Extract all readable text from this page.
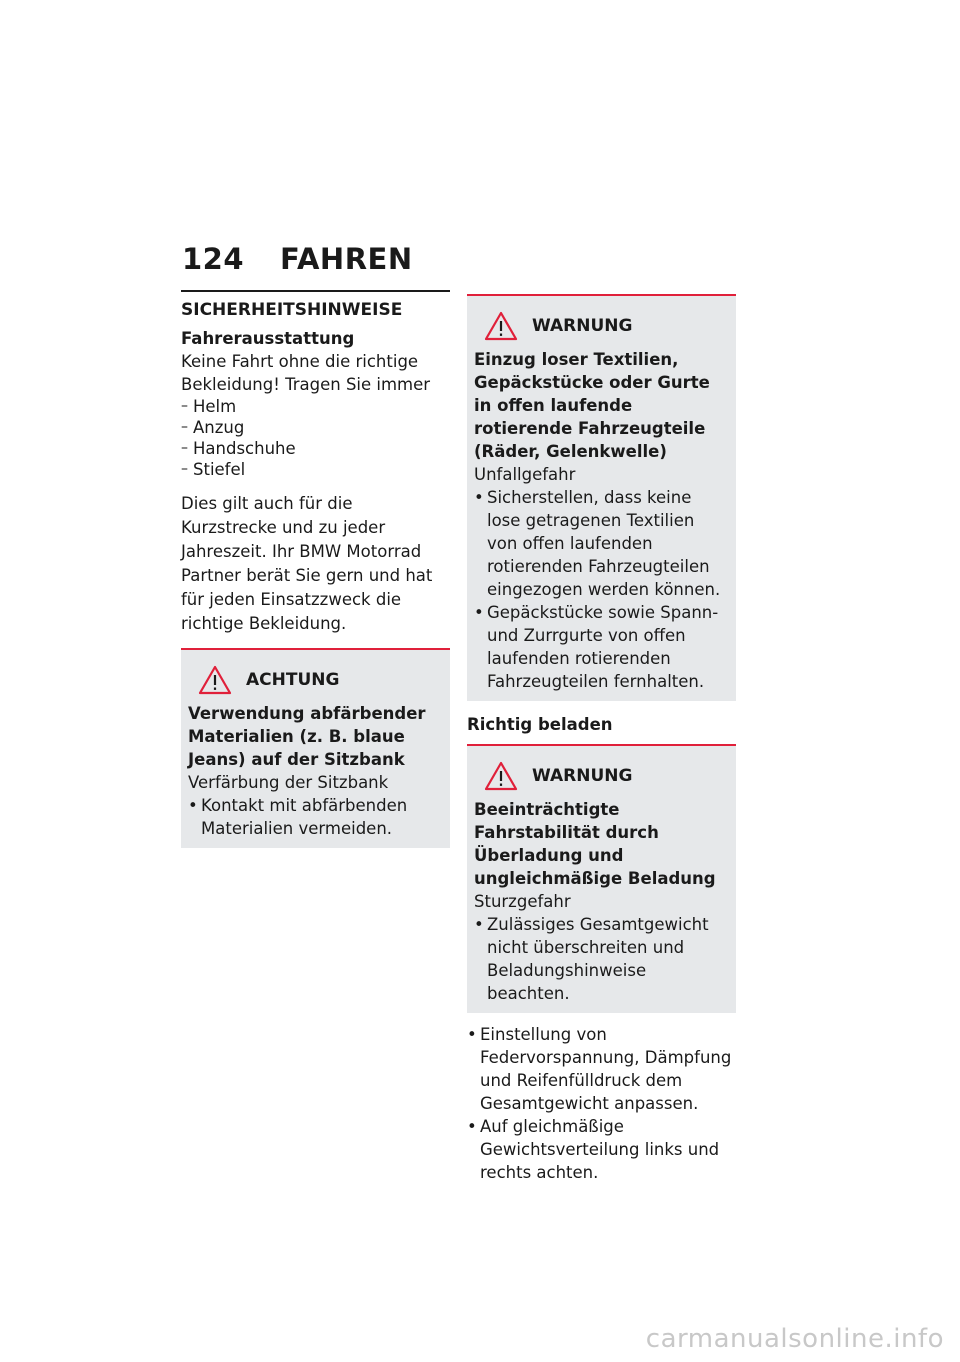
124 FAHREN
SICHERHEITSHINWEISE
Fahrerausstattung

Keine Fahrt ohne die richtige Bekleidung! Tragen Sie immer

– Helm
– Anzug
– Handschuhe
– Stiefel

Dies gilt auch für die Kurzstrecke und zu jeder Jahreszeit. Ihr BMW Motorrad Partner berät Sie gern und hat für jeden Einsatzzweck die richtige Bekleidung.

ACHTUNG
Verwendung abfärbender Materialien (z. B. blaue Jeans) auf der Sitzbank
Verfärbung der Sitzbank
• Kontakt mit abfärbenden Materialien vermeiden.
WARNUNG
Einzug loser Textilien, Gepäckstücke oder Gurte in offen laufende rotierende Fahrzeugteile (Räder, Gelenkwelle)
Unfallgefahr
• Sicherstellen, dass keine lose getragenen Textilien von offen laufenden rotierenden Fahrzeugteilen eingezogen werden können.
• Gepäckstücke sowie Spann- und Zurrgurte von offen laufenden rotierenden Fahrzeugteilen fernhalten.
Richtig beladen
WARNUNG
Beeinträchtigte Fahrstabilität durch Überladung und ungleichmäßige Beladung
Sturzgefahr
• Zulässiges Gesamtgewicht nicht überschreiten und Beladungshinweise beachten.
• Einstellung von Federvorspannung, Dämpfung und Reifenfülldruck dem Gesamtgewicht anpassen.
• Auf gleichmäßige Gewichtsverteilung links und rechts achten.
carmanualsonline.info
